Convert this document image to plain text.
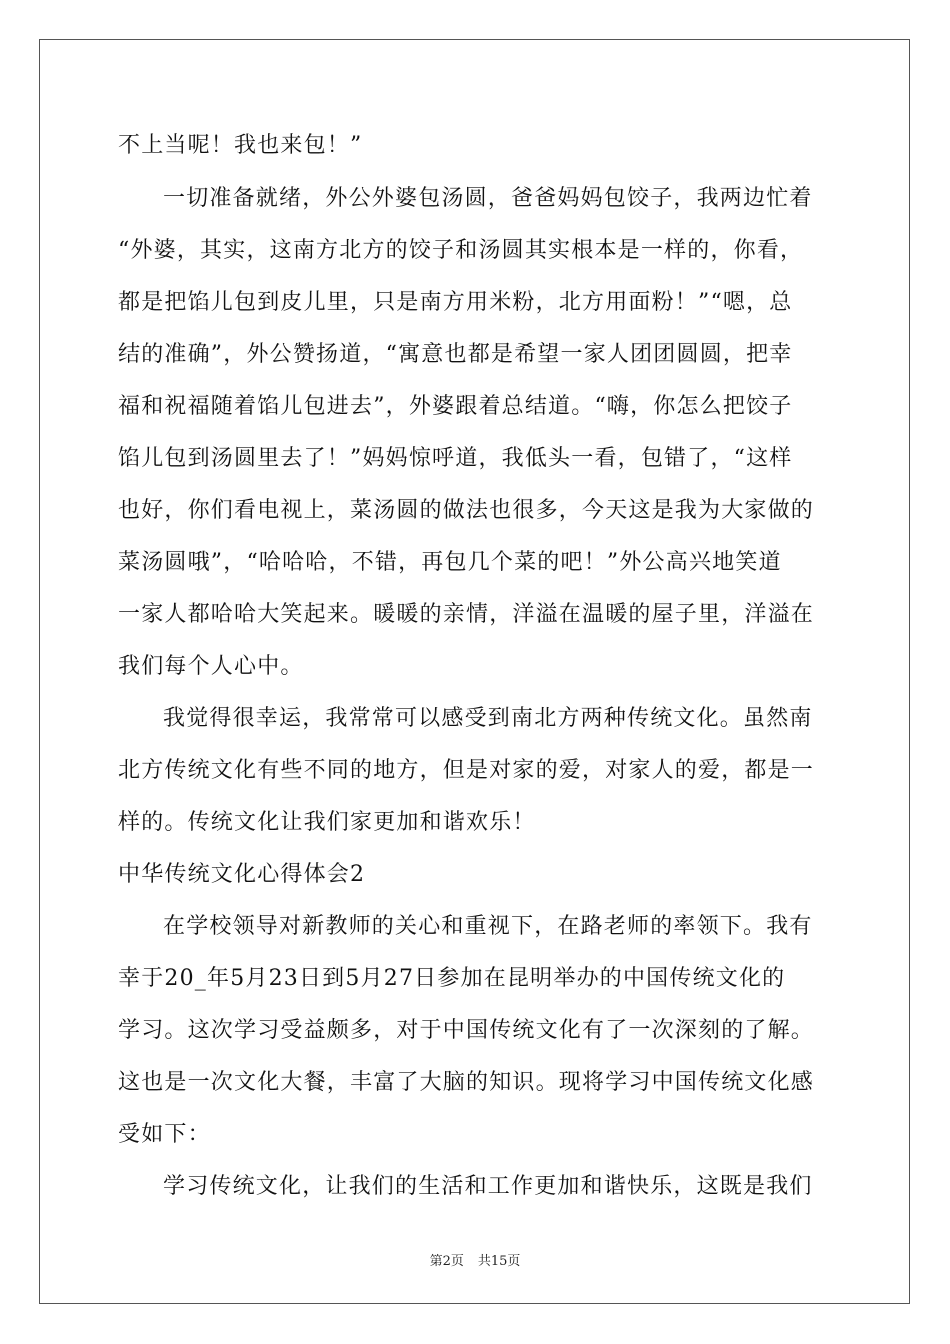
不上当呢！我也来包！”
一切准备就绪，外公外婆包汤圆，爸爸妈妈包饺子，我两边忙着
“外婆，其实，这南方北方的饺子和汤圆其实根本是一样的，你看，
都是把馅儿包到皮儿里，只是南方用米粉，北方用面粉！”“嗯，总
结的准确”，外公赞扬道，“寓意也都是希望一家人团团圆圆，把幸
福和祝福随着馅儿包进去”，外婆跟着总结道。“嗨，你怎么把饺子
馅儿包到汤圆里去了！”妈妈惊呼道，我低头一看，包错了，“这样
也好，你们看电视上，菜汤圆的做法也很多，今天这是我为大家做的
菜汤圆哦”，“哈哈哈，不错，再包几个菜的吧！”外公高兴地笑道
一家人都哈哈大笑起来。暖暖的亲情，洋溢在温暖的屋子里，洋溢在
我们每个人心中。
我觉得很幸运，我常常可以感受到南北方两种传统文化。虽然南
北方传统文化有些不同的地方，但是对家的爱，对家人的爱，都是一
样的。传统文化让我们家更加和谐欢乐！
中华传统文化心得体会2
在学校领导对新教师的关心和重视下，在路老师的率领下。我有
幸于20_年5月23日到5月27日参加在昆明举办的中国传统文化的
学习。这次学习受益颇多，对于中国传统文化有了一次深刻的了解。
这也是一次文化大餐，丰富了大脑的知识。现将学习中国传统文化感
受如下：
学习传统文化，让我们的生活和工作更加和谐快乐，这既是我们
第2页 共15页
